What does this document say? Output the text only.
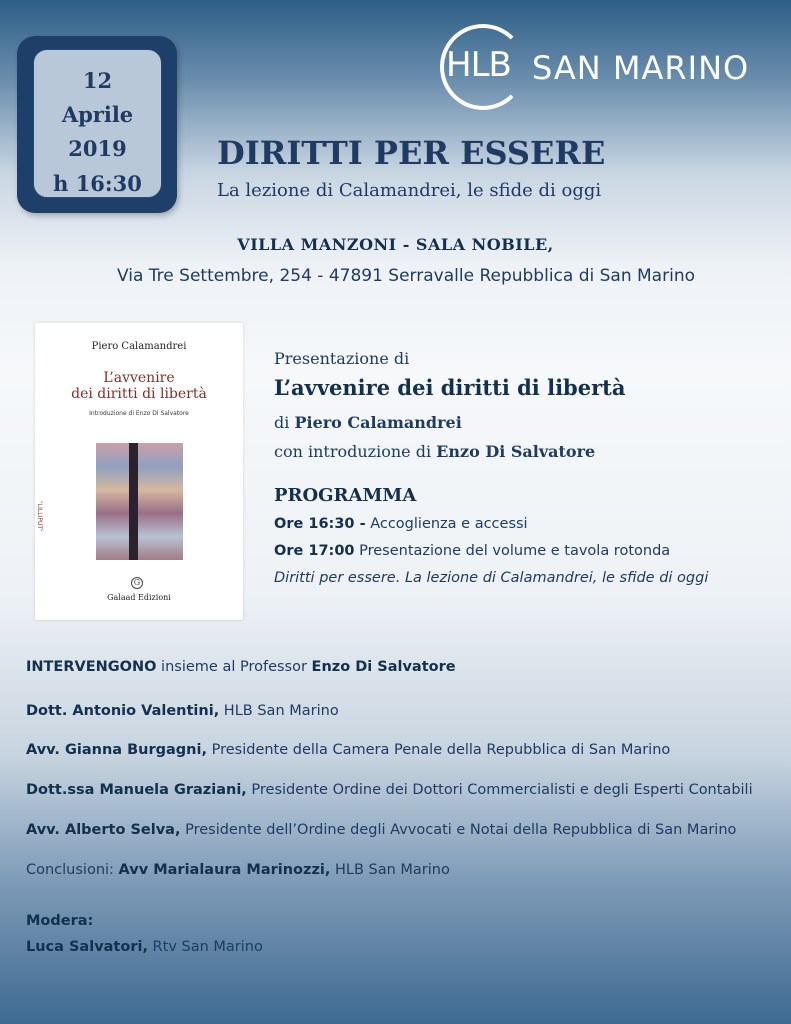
12
Aprile
2019
h 16:30
HLB SAN MARINO
DIRITTI PER ESSERE
La lezione di Calamandrei, le sfide di oggi
VILLA MANZONI - SALA NOBILE,
Via Tre Settembre, 254 - 47891 Serravalle Repubblica di San Marino
Piero Calamandrei
L’avvenire
dei diritti di libertà
Introduzione di Enzo Di Salvatore
"LILLIPUT"
G
Galaad Edizioni
Presentazione di
L’avvenire dei diritti di libertà
di Piero Calamandrei
con introduzione di Enzo Di Salvatore
PROGRAMMA
Ore 16:30 - Accoglienza e accessi
Ore 17:00 Presentazione del volume e tavola rotonda
Diritti per essere. La lezione di Calamandrei, le sfide di oggi
INTERVENGONO insieme al Professor Enzo Di Salvatore
Dott. Antonio Valentini, HLB San Marino
Avv. Gianna Burgagni, Presidente della Camera Penale della Repubblica di San Marino
Dott.ssa Manuela Graziani, Presidente Ordine dei Dottori Commercialisti e degli Esperti Contabili
Avv. Alberto Selva, Presidente dell’Ordine degli Avvocati e Notai della Repubblica di San Marino
Conclusioni: Avv Marialaura Marinozzi, HLB San Marino
Modera:
Luca Salvatori, Rtv San Marino
